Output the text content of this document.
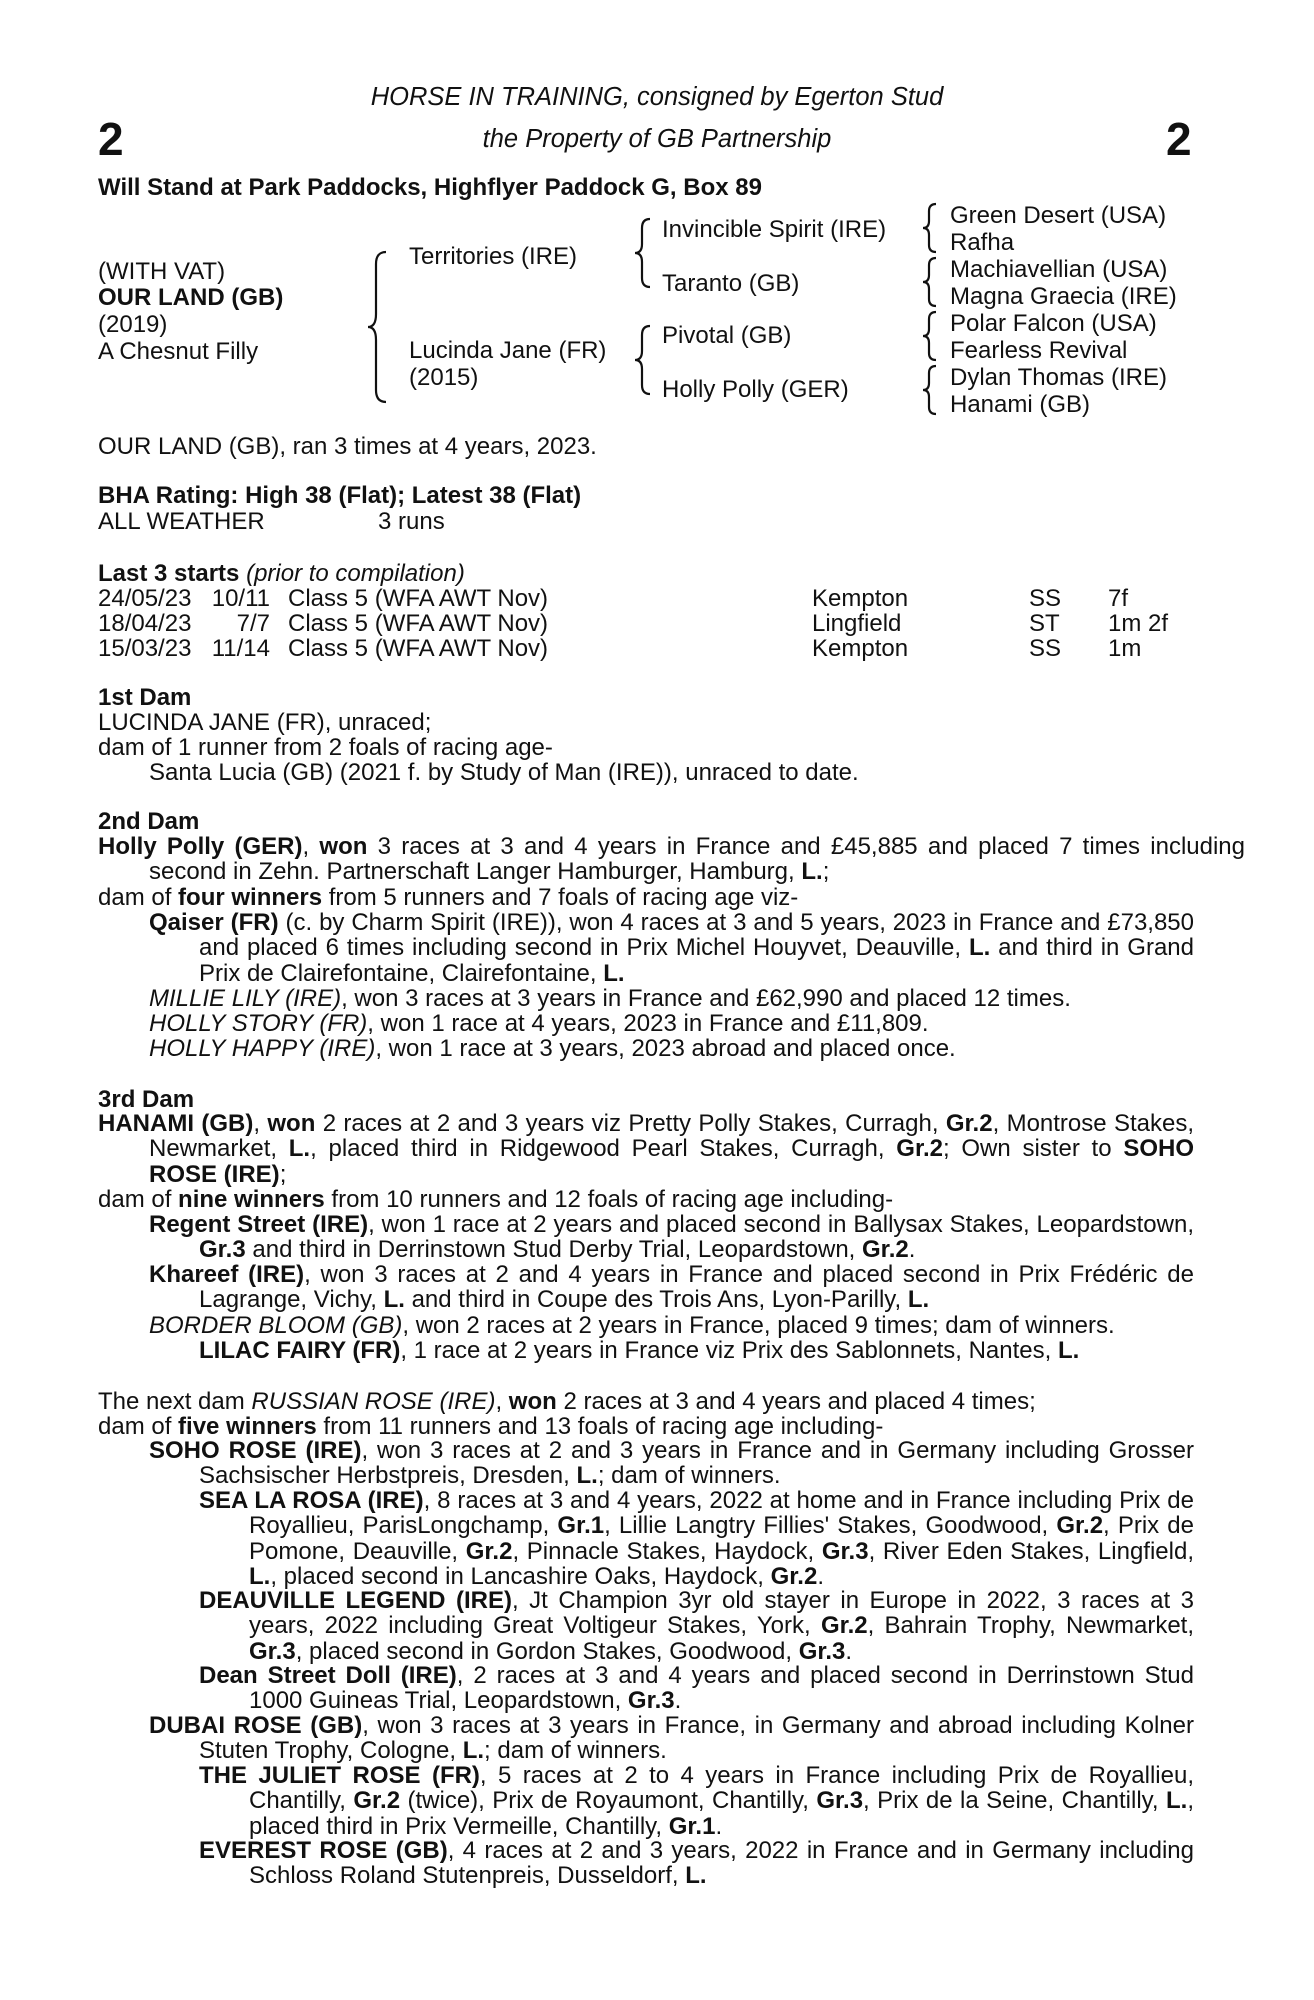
HORSE IN TRAINING, consigned by Egerton Stud
the Property of GB Partnership
2	2
Will Stand at Park Paddocks, Highflyer Paddock G, Box 89
(WITH VAT)
OUR LAND (GB)
(2019)
A Chesnut Filly
Territories (IRE)
Lucinda Jane (FR)
(2015)
Invincible Spirit (IRE)
Taranto (GB)
Pivotal (GB)
Holly Polly (GER)
Green Desert (USA)
Rafha
Machiavellian (USA)
Magna Graecia (IRE)
Polar Falcon (USA)
Fearless Revival
Dylan Thomas (IRE)
Hanami (GB)
OUR LAND (GB), ran 3 times at 4 years, 2023.
BHA Rating: High 38 (Flat); Latest 38 (Flat)
ALL WEATHER	3 runs
Last 3 starts (prior to compilation)
24/05/23 10/11 Class 5 (WFA AWT Nov)	Kempton	SS 7f
18/04/23	7/7 Class 5 (WFA AWT Nov)	Lingfield	ST 1m 2f
15/03/23 11/14 Class 5 (WFA AWT Nov)	Kempton	SS 1m
1st Dam
LUCINDA JANE (FR), unraced;
dam of 1 runner from 2 foals of racing age-
Santa Lucia (GB) (2021 f. by Study of Man (IRE)), unraced to date.
2nd Dam
Holly Polly (GER), won 3 races at 3 and 4 years in France and £45,885 and placed 7 times including second in Zehn. Partnerschaft Langer Hamburger, Hamburg, L.;
dam of four winners from 5 runners and 7 foals of racing age viz-
Qaiser (FR) (c. by Charm Spirit (IRE)), won 4 races at 3 and 5 years, 2023 in France and £73,850 and placed 6 times including second in Prix Michel Houyvet, Deauville, L. and third in Grand Prix de Clairefontaine, Clairefontaine, L.
MILLIE LILY (IRE), won 3 races at 3 years in France and £62,990 and placed 12 times.
HOLLY STORY (FR), won 1 race at 4 years, 2023 in France and £11,809.
HOLLY HAPPY (IRE), won 1 race at 3 years, 2023 abroad and placed once.
3rd Dam
HANAMI (GB), won 2 races at 2 and 3 years viz Pretty Polly Stakes, Curragh, Gr.2, Montrose Stakes, Newmarket, L., placed third in Ridgewood Pearl Stakes, Curragh, Gr.2; Own sister to SOHO ROSE (IRE);
dam of nine winners from 10 runners and 12 foals of racing age including-
Regent Street (IRE), won 1 race at 2 years and placed second in Ballysax Stakes, Leopardstown, Gr.3 and third in Derrinstown Stud Derby Trial, Leopardstown, Gr.2.
Khareef (IRE), won 3 races at 2 and 4 years in France and placed second in Prix Frédéric de Lagrange, Vichy, L. and third in Coupe des Trois Ans, Lyon-Parilly, L.
BORDER BLOOM (GB), won 2 races at 2 years in France, placed 9 times; dam of winners.
LILAC FAIRY (FR), 1 race at 2 years in France viz Prix des Sablonnets, Nantes, L.
The next dam RUSSIAN ROSE (IRE), won 2 races at 3 and 4 years and placed 4 times;
dam of five winners from 11 runners and 13 foals of racing age including-
SOHO ROSE (IRE), won 3 races at 2 and 3 years in France and in Germany including Grosser Sachsischer Herbstpreis, Dresden, L.; dam of winners.
SEA LA ROSA (IRE), 8 races at 3 and 4 years, 2022 at home and in France including Prix de Royallieu, ParisLongchamp, Gr.1, Lillie Langtry Fillies' Stakes, Goodwood, Gr.2, Prix de Pomone, Deauville, Gr.2, Pinnacle Stakes, Haydock, Gr.3, River Eden Stakes, Lingfield, L., placed second in Lancashire Oaks, Haydock, Gr.2.
DEAUVILLE LEGEND (IRE), Jt Champion 3yr old stayer in Europe in 2022, 3 races at 3 years, 2022 including Great Voltigeur Stakes, York, Gr.2, Bahrain Trophy, Newmarket, Gr.3, placed second in Gordon Stakes, Goodwood, Gr.3.
Dean Street Doll (IRE), 2 races at 3 and 4 years and placed second in Derrinstown Stud 1000 Guineas Trial, Leopardstown, Gr.3.
DUBAI ROSE (GB), won 3 races at 3 years in France, in Germany and abroad including Kolner Stuten Trophy, Cologne, L.; dam of winners.
THE JULIET ROSE (FR), 5 races at 2 to 4 years in France including Prix de Royallieu, Chantilly, Gr.2 (twice), Prix de Royaumont, Chantilly, Gr.3, Prix de la Seine, Chantilly, L., placed third in Prix Vermeille, Chantilly, Gr.1.
EVEREST ROSE (GB), 4 races at 2 and 3 years, 2022 in France and in Germany including Schloss Roland Stutenpreis, Dusseldorf, L.
